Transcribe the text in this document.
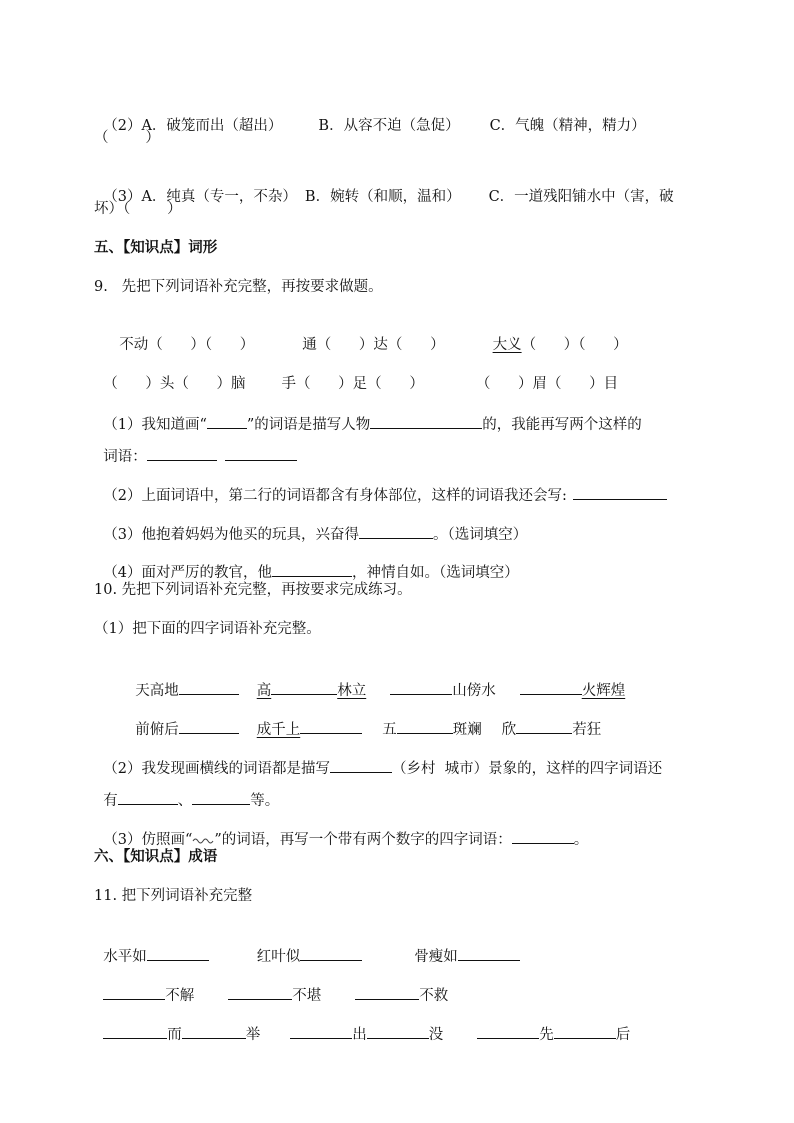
（2）A．破笼而出（超出） B．从容不迫（急促） C．气魄（精神，精力）

（        ）

（3）A．纯真（专一，不杂） B．婉转（和顺，温和） C．一道残阳铺水中（害，破

坏）（        ）
五、【知识点】词形
9.   先把下列词语补充完整，再按要求做题。

不动（      ）（      ）	通（      ）达（      ）	大义（      ）（      ）

（      ）头（      ）脑 手（      ）足（      ）	（      ）眉（      ）目

（1）我知道画“	”的词语是描写人物	的，我能再写两个这样的

词语：

（2）上面词语中，第二行的词语都含有身体部位，这样的词语我还会写:

（3）他抱着妈妈为他买的玩具，兴奋得	。（选词填空）

（4）面对严厉的教官，他	，神情自如。（选词填空）

10. 先把下列词语补充完整，再按要求完成练习。
（1）把下面的四字词语补充完整。

天高地	高	林立	山傍水	火辉煌

前俯后	成千上	五	斑斓 欣	若狂

（2）我发现画横线的词语都是描写	（乡村  城市）景象的，这样的四字词语还

有	、	等。

（3）仿照画“ ”的词语，再写一个带有两个数字的四字词语：	。

六、【知识点】成语
11. 把下列词语补充完整

水平如	红叶似	骨瘦如

不解	不堪	不救

而	举	出	没	先	后
